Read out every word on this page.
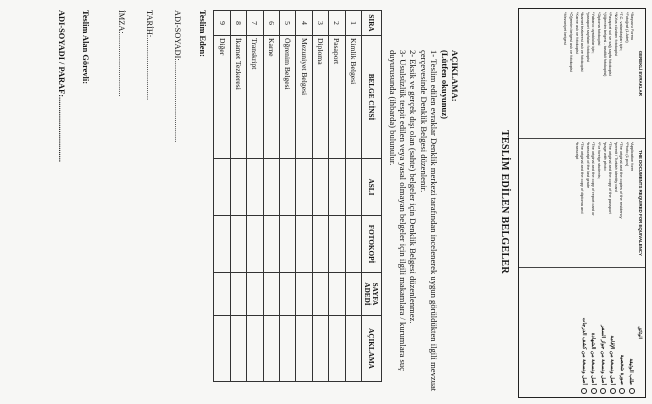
GEREKLİ EVRAKLAR
*Başvuru Formu
*Fotoğraf (1 Adet)
*T.C. vatandaşları için;
*Nüfus cüzdanı fotokopisi
*Pasaport sol ve sağ sayfa fotokopisi
*(öğrenim belgesi - tasdikli fotokopisi)
*Diploma fotokopisi
*Yabancı uyruklular için;
*pasaport sayfaları fotokopisi
*ikamet tezkeresi aslı ve fotokopisi
*Karne aslı ve fotokopisi
*Öğrenim belgesi aslı ve fotokopisi
*Mezuniyet belgesi
THE DOCUMENTS REQUIRED FOR EQUIVALENCY
*Application form
*Photo (1 pcs)
*The original and the copies of the residency
*permit / Turkish identity card
*The original and the copy of the passport
*page with photo
*For foreign students;
*The original and the copy of report card or
*transcript of the last grade
*The original and the copy of diploma and
*transcript
الوثائق
طلب الوثيقة
صورة شخصية
أصل ونسخة من الإقامة
أصل ونسخة من جواز السفر
أصل ونسخة من الشهادة
أصل ونسخة من كشف الدرجات
TESLİM EDİLEN BELGELER

AÇIKLAMA:

(Lütfen okuyunuz)

1- Teslim edilen evraklar Denklik merkezi tarafından incelenerek uygun görüldükten ilgili mevzuat çerçevesinde Denklik Belgesi düzenlenir.

2- Eksik ve gerçek dışı olan (sahte) belgeler için Denklik Belgesi düzenlenmez.

3- Usulsüzlük tespit edilen veya yasal olmayan belgeler için ilgili makamlara / kurumlara suç duyurusunda (ihbarda) bulunulur.

SIRA	BELGE CİNSİ	ASLI	FOTOKOPİ	SAYFA ADEDİ	AÇIKLAMA
1	Kimlik Belgesi				
2	Pasaport				
3	Diploma				
4	Mezuniyet Belgesi				
5	Öğrenim Belgesi				
6	Karne				
7	Transkript				
8	İkamet Tezkeresi				
9	Diğer				
Teslim Eden:
ADI-SOYADI:.......................................
TARİH:..............................
İMZA:..............................
Teslim Alan Görevli:
ADI-SOYADI / PARAF:...............................
